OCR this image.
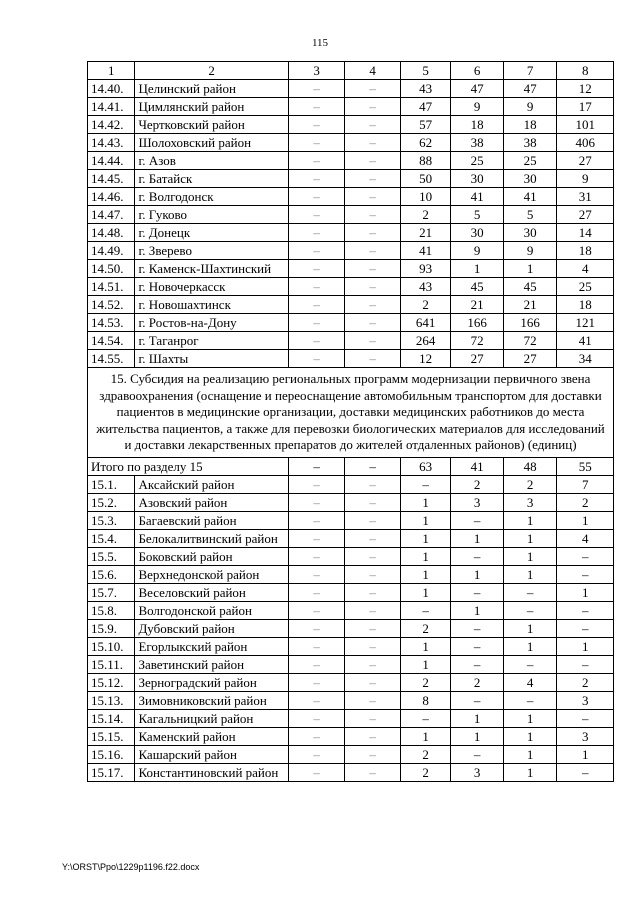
115
1	2	3	4	5	6	7	8
14.40.	Целинский район	–	–	43	47	47	12
14.41.	Цимлянский район	–	–	47	9	9	17
14.42.	Чертковский район	–	–	57	18	18	101
14.43.	Шолоховский район	–	–	62	38	38	406
14.44.	г. Азов	–	–	88	25	25	27
14.45.	г. Батайск	–	–	50	30	30	9
14.46.	г. Волгодонск	–	–	10	41	41	31
14.47.	г. Гуково	–	–	2	5	5	27
14.48.	г. Донецк	–	–	21	30	30	14
14.49.	г. Зверево	–	–	41	9	9	18
14.50.	г. Каменск-Шахтинский	–	–	93	1	1	4
14.51.	г. Новочеркасск	–	–	43	45	45	25
14.52.	г. Новошахтинск	–	–	2	21	21	18
14.53.	г. Ростов-на-Дону	–	–	641	166	166	121
14.54.	г. Таганрог	–	–	264	72	72	41
14.55.	г. Шахты	–	–	12	27	27	34
15. Субсидия на реализацию региональных программ модернизации первичного звена здравоохранения (оснащение и переоснащение автомобильным транспортом для доставки пациентов в медицинские организации, доставки медицинских работников до места жительства пациентов, а также для перевозки биологических материалов для исследований и доставки лекарственных препаратов до жителей отдаленных районов) (единиц)							
Итого по разделу 15		–	–	63	41	48	55
15.1.	Аксайский район	–	–	–	2	2	7
15.2.	Азовский район	–	–	1	3	3	2
15.3.	Багаевский район	–	–	1	–	1	1
15.4.	Белокалитвинский район	–	–	1	1	1	4
15.5.	Боковский район	–	–	1	–	1	–
15.6.	Верхнедонской район	–	–	1	1	1	–
15.7.	Веселовский район	–	–	1	–	–	1
15.8.	Волгодонской район	–	–	–	1	–	–
15.9.	Дубовский район	–	–	2	–	1	–
15.10.	Егорлыкский район	–	–	1	–	1	1
15.11.	Заветинский район	–	–	1	–	–	–
15.12.	Зерноградский район	–	–	2	2	4	2
15.13.	Зимовниковский район	–	–	8	–	–	3
15.14.	Кагальницкий район	–	–	–	1	1	–
15.15.	Каменский район	–	–	1	1	1	3
15.16.	Кашарский район	–	–	2	–	1	1
15.17.	Константиновский район	–	–	2	3	1	–
Y:\ORST\Ppo\1229p1196.f22.docx
